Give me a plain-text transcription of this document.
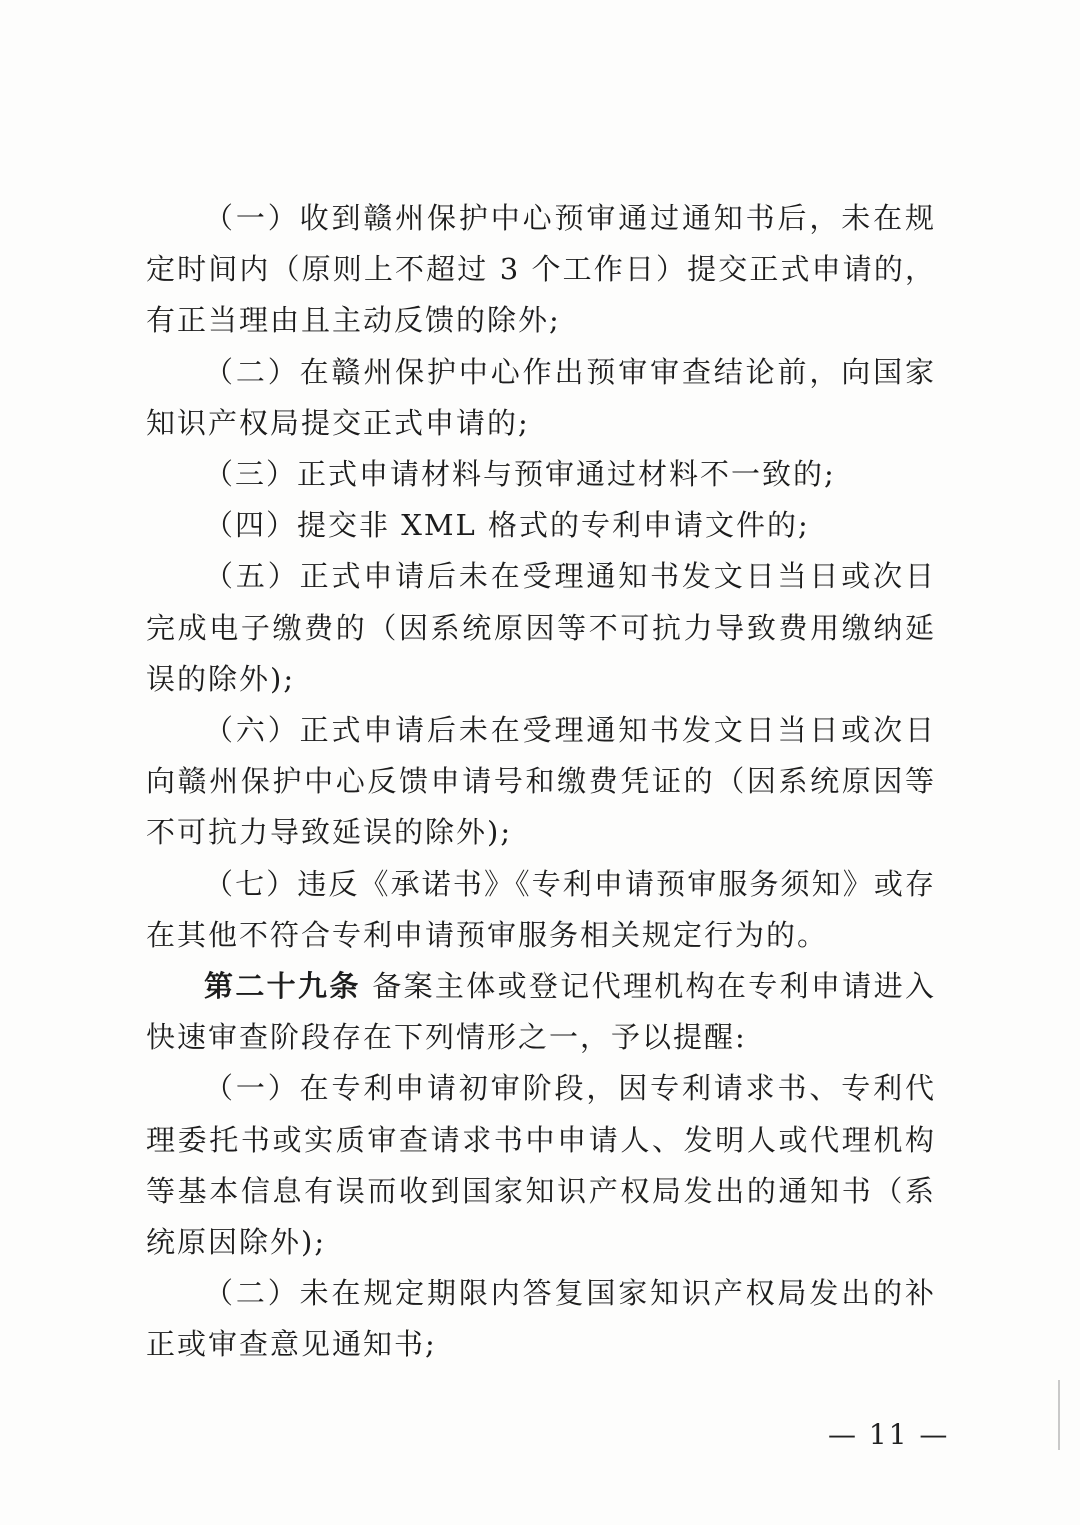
（一）收到赣州保护中心预审通过通知书后，未在规定时间内（原则上不超过 3 个工作日）提交正式申请的，有正当理由且主动反馈的除外;

（二）在赣州保护中心作出预审审查结论前，向国家知识产权局提交正式申请的;

（三）正式申请材料与预审通过材料不一致的;

（四）提交非 XML 格式的专利申请文件的;

（五）正式申请后未在受理通知书发文日当日或次日完成电子缴费的（因系统原因等不可抗力导致费用缴纳延误的除外);

（六）正式申请后未在受理通知书发文日当日或次日向赣州保护中心反馈申请号和缴费凭证的（因系统原因等不可抗力导致延误的除外);

（七）违反《承诺书》《专利申请预审服务须知》或存在其他不符合专利申请预审服务相关规定行为的。

第二十九条 备案主体或登记代理机构在专利申请进入快速审查阶段存在下列情形之一，予以提醒:

（一）在专利申请初审阶段，因专利请求书、专利代理委托书或实质审查请求书中申请人、发明人或代理机构等基本信息有误而收到国家知识产权局发出的通知书（系统原因除外);

（二）未在规定期限内答复国家知识产权局发出的补正或审查意见通知书;

— 11 —
